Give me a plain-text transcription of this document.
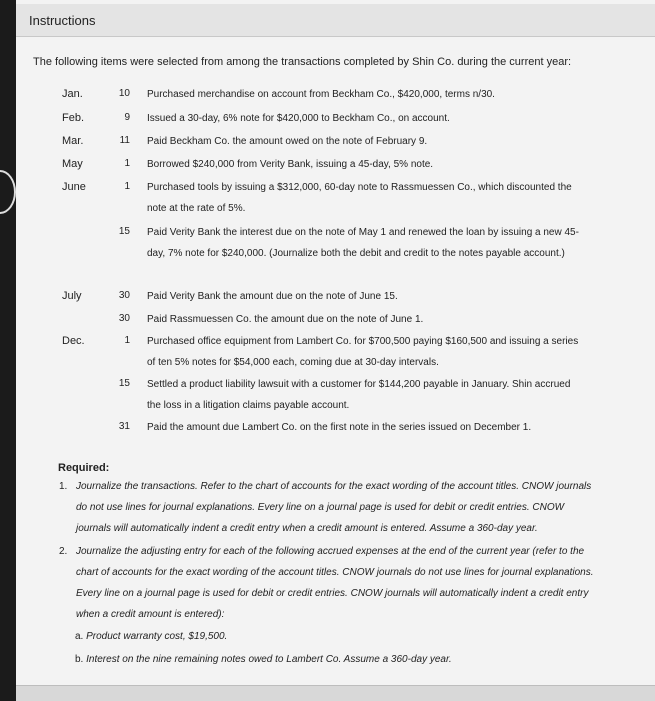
Instructions
The following items were selected from among the transactions completed by Shin Co. during the current year:
Jan.	10 Purchased merchandise on account from Beckham Co., $420,000, terms n/30.
Feb.	9 Issued a 30-day, 6% note for $420,000 to Beckham Co., on account.
Mar.	11 Paid Beckham Co. the amount owed on the note of February 9.
May	1 Borrowed $240,000 from Verity Bank, issuing a 45-day, 5% note.
June	1 Purchased tools by issuing a $312,000, 60-day note to Rassmuessen Co., which discounted the note at the rate of 5%.
15 Paid Verity Bank the interest due on the note of May 1 and renewed the loan by issuing a new 45-day, 7% note for $240,000. (Journalize both the debit and credit to the notes payable account.)
July	30 Paid Verity Bank the amount due on the note of June 15.
30 Paid Rassmuessen Co. the amount due on the note of June 1.
Dec.	1 Purchased office equipment from Lambert Co. for $700,500 paying $160,500 and issuing a series of ten 5% notes for $54,000 each, coming due at 30-day intervals.
15 Settled a product liability lawsuit with a customer for $144,200 payable in January. Shin accrued the loss in a litigation claims payable account.
31 Paid the amount due Lambert Co. on the first note in the series issued on December 1.
Required:
1. Journalize the transactions. Refer to the chart of accounts for the exact wording of the account titles. CNOW journals do not use lines for journal explanations. Every line on a journal page is used for debit or credit entries. CNOW journals will automatically indent a credit entry when a credit amount is entered. Assume a 360-day year.
2. Journalize the adjusting entry for each of the following accrued expenses at the end of the current year (refer to the chart of accounts for the exact wording of the account titles. CNOW journals do not use lines for journal explanations. Every line on a journal page is used for debit or credit entries. CNOW journals will automatically indent a credit entry when a credit amount is entered):
a. Product warranty cost, $19,500.
b. Interest on the nine remaining notes owed to Lambert Co. Assume a 360-day year.
